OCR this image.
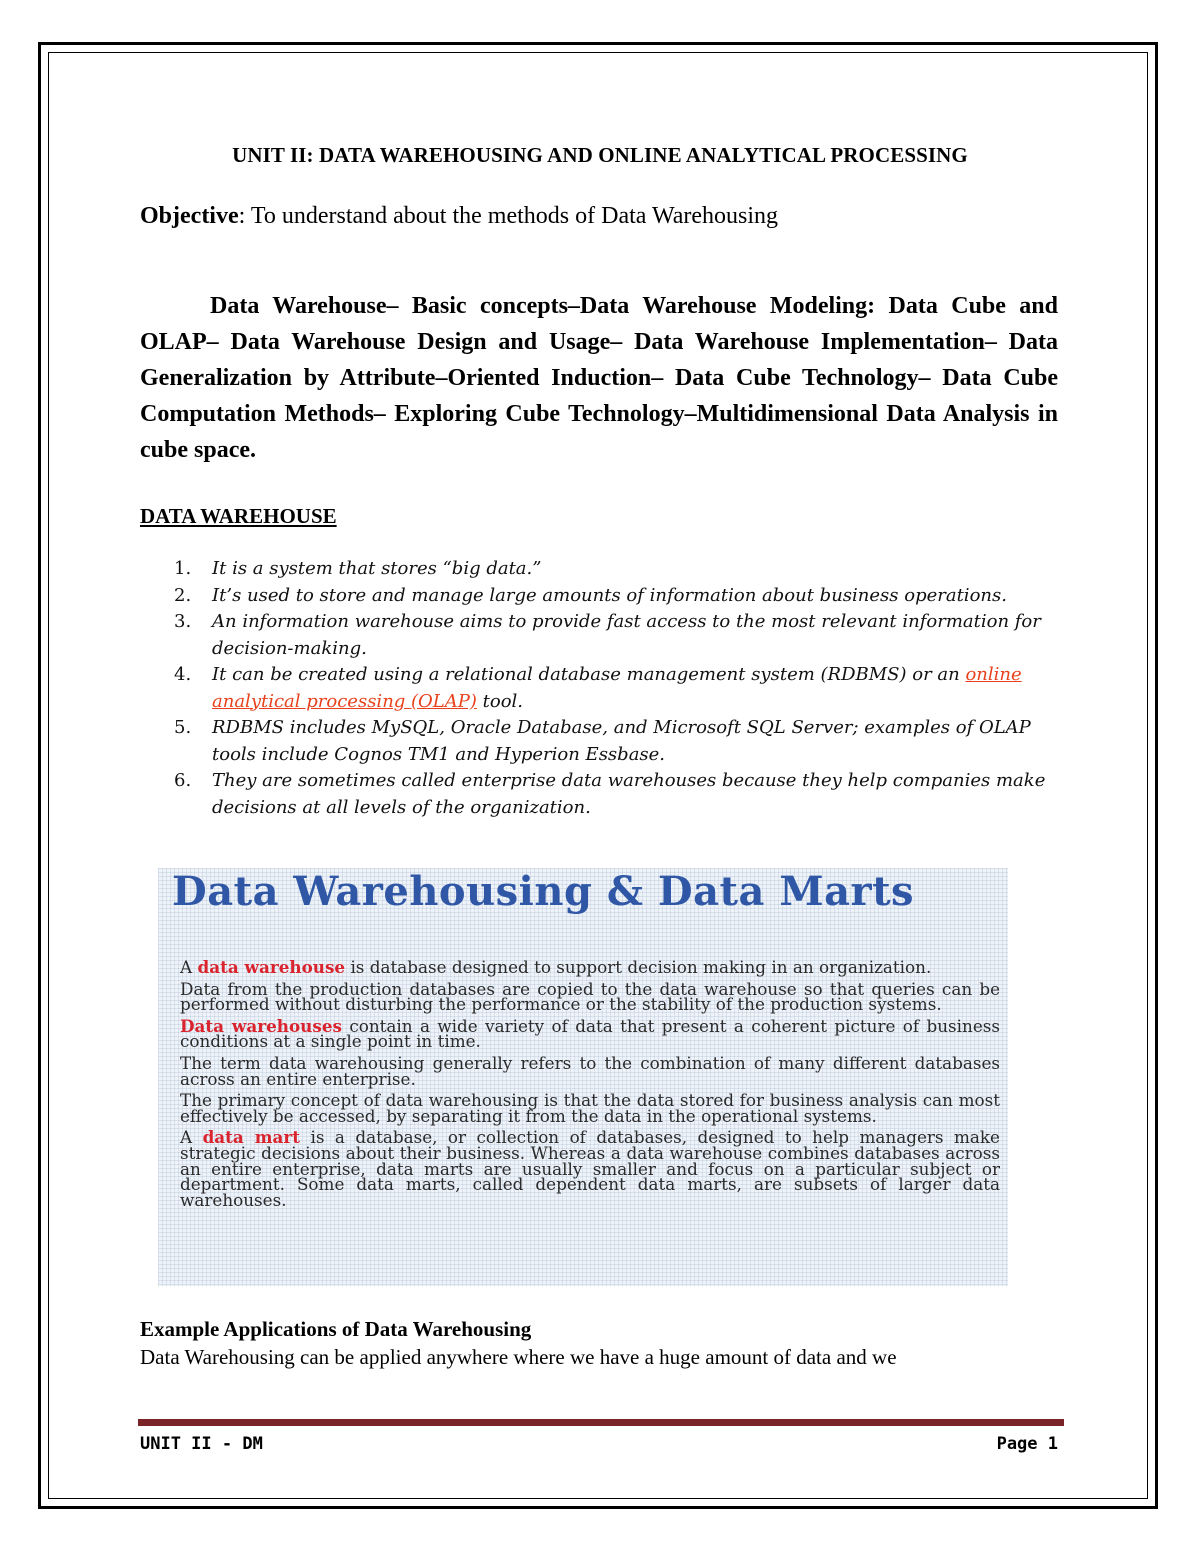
UNIT II: DATA WAREHOUSING AND ONLINE ANALYTICAL PROCESSING
Objective: To understand about the methods of Data Warehousing

Data Warehouse– Basic concepts–Data Warehouse Modeling: Data Cube and OLAP– Data Warehouse Design and Usage– Data Warehouse Implementation– Data Generalization by Attribute–Oriented Induction– Data Cube Technology– Data Cube Computation Methods– Exploring Cube Technology–Multidimensional Data Analysis in cube space.

DATA WAREHOUSE
1. It is a system that stores “big data.”
2. It’s used to store and manage large amounts of information about business operations.
3. An information warehouse aims to provide fast access to the most relevant information for decision-making.
4. It can be created using a relational database management system (RDBMS) or an online analytical processing (OLAP) tool.
5. RDBMS includes MySQL, Oracle Database, and Microsoft SQL Server; examples of OLAP tools include Cognos TM1 and Hyperion Essbase.
6. They are sometimes called enterprise data warehouses because they help companies make decisions at all levels of the organization.
Data Warehousing & Data Marts

A data warehouse is database designed to support decision making in an organization.

Data from the production databases are copied to the data warehouse so that queries can be performed without disturbing the performance or the stability of the production systems.

Data warehouses contain a wide variety of data that present a coherent picture of business conditions at a single point in time.

The term data warehousing generally refers to the combination of many different databases across an entire enterprise.

The primary concept of data warehousing is that the data stored for business analysis can most effectively be accessed, by separating it from the data in the operational systems.

A data mart is a database, or collection of databases, designed to help managers make strategic decisions about their business. Whereas a data warehouse combines databases across an entire enterprise, data marts are usually smaller and focus on a particular subject or department. Some data marts, called dependent data marts, are subsets of larger data warehouses.

Example Applications of Data Warehousing
Data Warehousing can be applied anywhere where we have a huge amount of data and we
UNIT II - DM	Page 1
